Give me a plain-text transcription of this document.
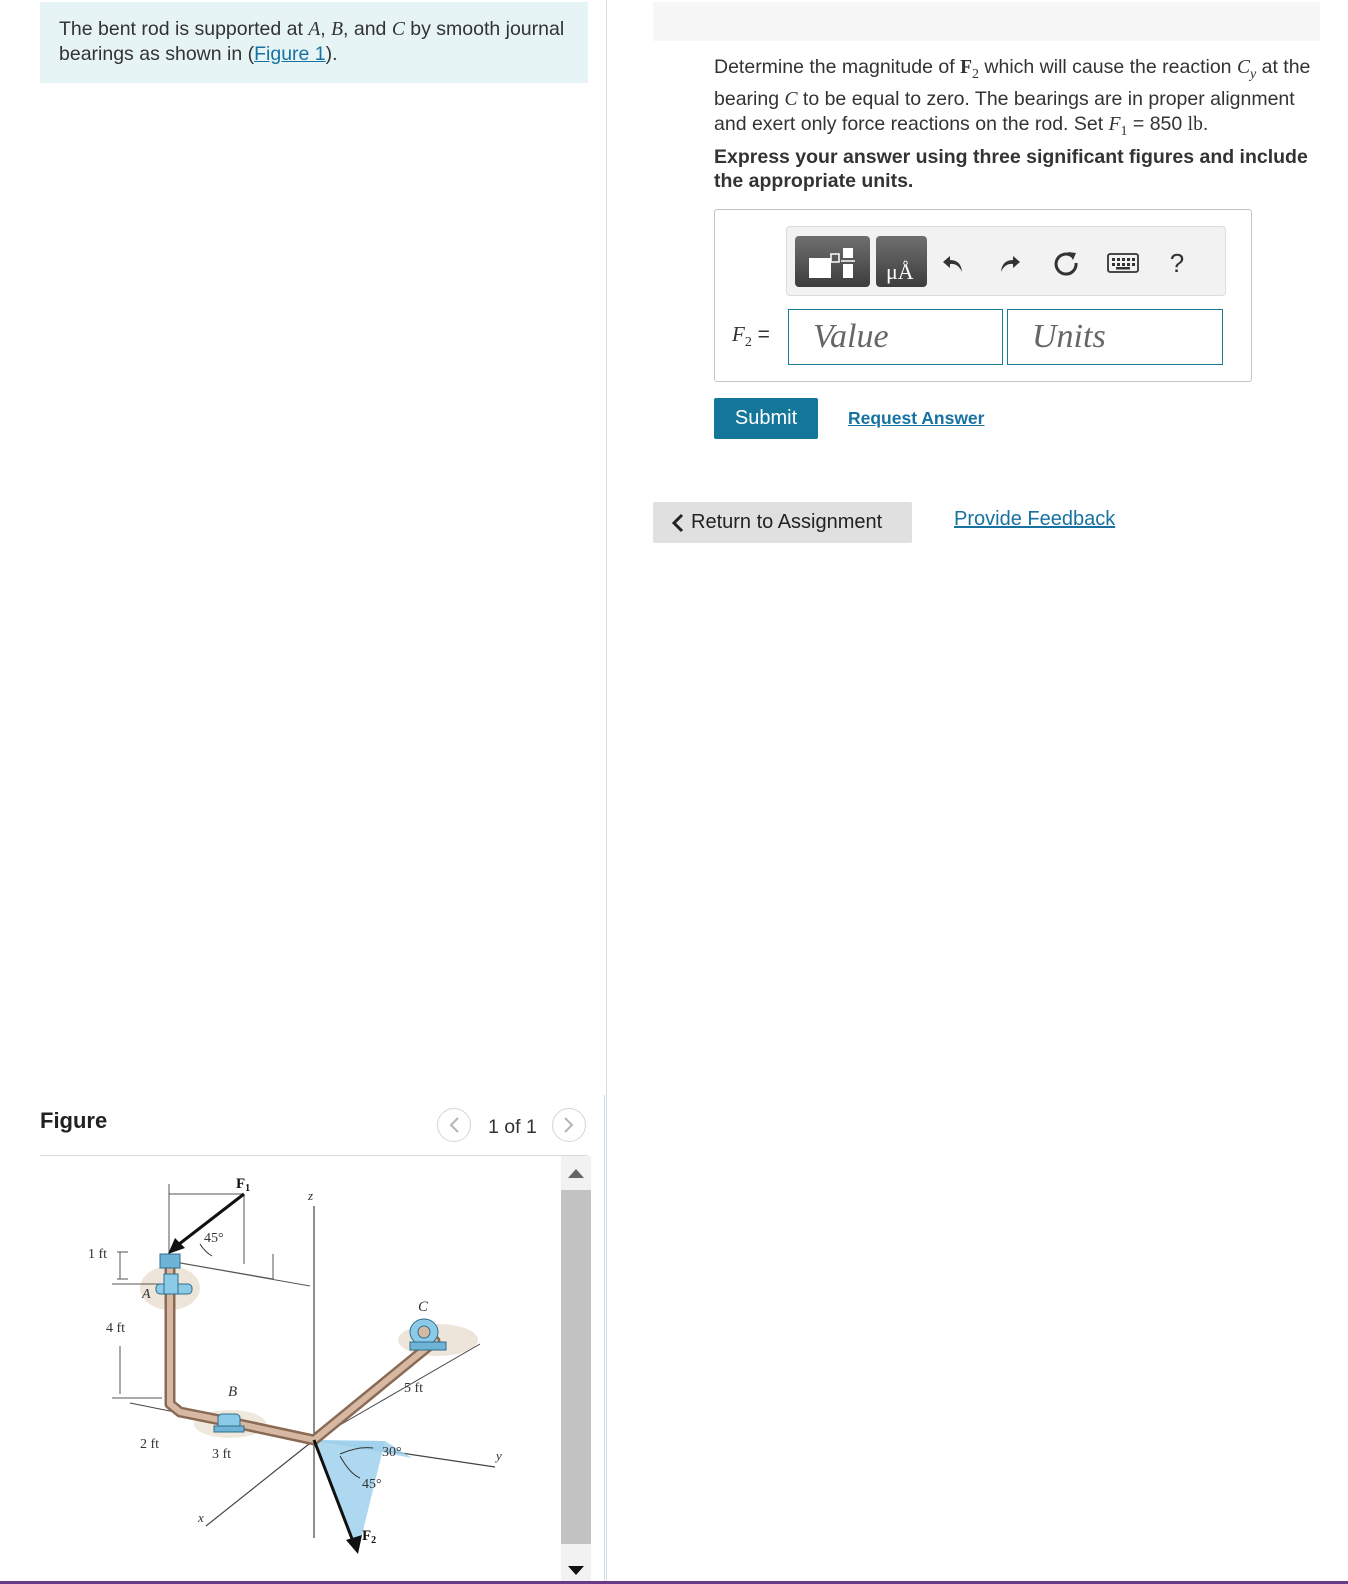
The bent rod is supported at A, B, and C by smooth journal bearings as shown in (Figure 1).
Figure	1 of 1
$F_1$	z
45°
1 ft
A
4 ft
C
B	5 ft
2 ft
3 ft	30°
45°
y
x
$F_2$
Determine the magnitude of $F_2$ which will cause the reaction $C_y$ at the bearing C to be equal to zero. The bearings are in proper alignment and exert only force reactions on the rod. Set $F_1 = 850$ lb.
Express your answer using three significant figures and include the appropriate units.
μÅ	?
$F_2$ =
Value
Units
Submit	Request Answer
Return to Assignment	Provide Feedback
